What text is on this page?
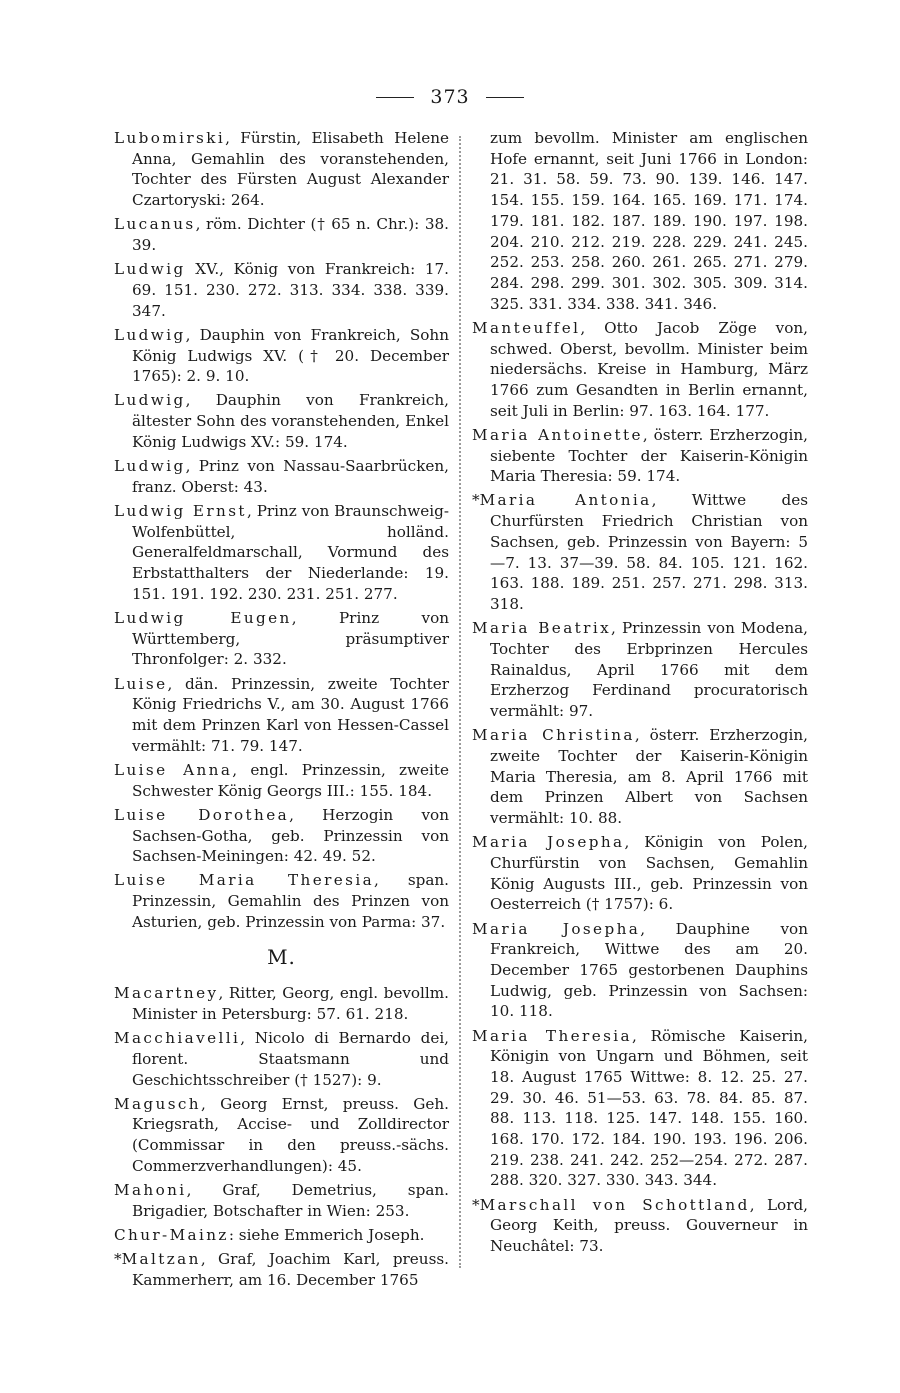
373

Lubomirski, Fürstin, Elisabeth Helene Anna, Gemahlin des voranstehenden, Tochter des Fürsten August Alexander Czartoryski: 264.

Lucanus, röm. Dichter († 65 n. Chr.): 38. 39.

Ludwig XV., König von Frankreich: 17. 69. 151. 230. 272. 313. 334. 338. 339. 347.

Ludwig, Dauphin von Frankreich, Sohn König Ludwigs XV. († 20. December 1765): 2. 9. 10.

Ludwig, Dauphin von Frankreich, ältester Sohn des voranstehenden, Enkel König Ludwigs XV.: 59. 174.

Ludwig, Prinz von Nassau-Saarbrücken, franz. Oberst: 43.

Ludwig Ernst, Prinz von Braunschweig-Wolfenbüttel, holländ. Generalfeldmarschall, Vormund des Erbstatthalters der Niederlande: 19. 151. 191. 192. 230. 231. 251. 277.

Ludwig Eugen, Prinz von Württemberg, präsumptiver Thronfolger: 2. 332.

Luise, dän. Prinzessin, zweite Tochter König Friedrichs V., am 30. August 1766 mit dem Prinzen Karl von Hessen-Cassel vermählt: 71. 79. 147.

Luise Anna, engl. Prinzessin, zweite Schwester König Georgs III.: 155. 184.

Luise Dorothea, Herzogin von Sachsen-Gotha, geb. Prinzessin von Sachsen-Meiningen: 42. 49. 52.

Luise Maria Theresia, span. Prinzessin, Gemahlin des Prinzen von Asturien, geb. Prinzessin von Parma: 37.

M.

Macartney, Ritter, Georg, engl. bevollm. Minister in Petersburg: 57. 61. 218.

Macchiavelli, Nicolo di Bernardo dei, florent. Staatsmann und Geschichtsschreiber († 1527): 9.

Magusch, Georg Ernst, preuss. Geh. Kriegsrath, Accise- und Zolldirector (Commissar in den preuss.-sächs. Commerzverhandlungen): 45.

Mahoni, Graf, Demetrius, span. Brigadier, Botschafter in Wien: 253.

Chur-Mainz: siehe Emmerich Joseph.

*Maltzan, Graf, Joachim Karl, preuss. Kammerherr, am 16. December 1765

zum bevollm. Minister am englischen Hofe ernannt, seit Juni 1766 in London: 21. 31. 58. 59. 73. 90. 139. 146. 147. 154. 155. 159. 164. 165. 169. 171. 174. 179. 181. 182. 187. 189. 190. 197. 198. 204. 210. 212. 219. 228. 229. 241. 245. 252. 253. 258. 260. 261. 265. 271. 279. 284. 298. 299. 301. 302. 305. 309. 314. 325. 331. 334. 338. 341. 346.

Manteuffel, Otto Jacob Zöge von, schwed. Oberst, bevollm. Minister beim niedersächs. Kreise in Hamburg, März 1766 zum Gesandten in Berlin ernannt, seit Juli in Berlin: 97. 163. 164. 177.

Maria Antoinette, österr. Erzherzogin, siebente Tochter der Kaiserin-Königin Maria Theresia: 59. 174.

*Maria Antonia, Wittwe des Churfürsten Friedrich Christian von Sachsen, geb. Prinzessin von Bayern: 5—7. 13. 37—39. 58. 84. 105. 121. 162. 163. 188. 189. 251. 257. 271. 298. 313. 318.

Maria Beatrix, Prinzessin von Modena, Tochter des Erbprinzen Hercules Rainaldus, April 1766 mit dem Erzherzog Ferdinand procuratorisch vermählt: 97.

Maria Christina, österr. Erzherzogin, zweite Tochter der Kaiserin-Königin Maria Theresia, am 8. April 1766 mit dem Prinzen Albert von Sachsen vermählt: 10. 88.

Maria Josepha, Königin von Polen, Churfürstin von Sachsen, Gemahlin König Augusts III., geb. Prinzessin von Oesterreich († 1757): 6.

Maria Josepha, Dauphine von Frankreich, Wittwe des am 20. December 1765 gestorbenen Dauphins Ludwig, geb. Prinzessin von Sachsen: 10. 118.

Maria Theresia, Römische Kaiserin, Königin von Ungarn und Böhmen, seit 18. August 1765 Wittwe: 8. 12. 25. 27. 29. 30. 46. 51—53. 63. 78. 84. 85. 87. 88. 113. 118. 125. 147. 148. 155. 160. 168. 170. 172. 184. 190. 193. 196. 206. 219. 238. 241. 242. 252—254. 272. 287. 288. 320. 327. 330. 343. 344.

*Marschall von Schottland, Lord, Georg Keith, preuss. Gouverneur in Neuchâtel: 73.
